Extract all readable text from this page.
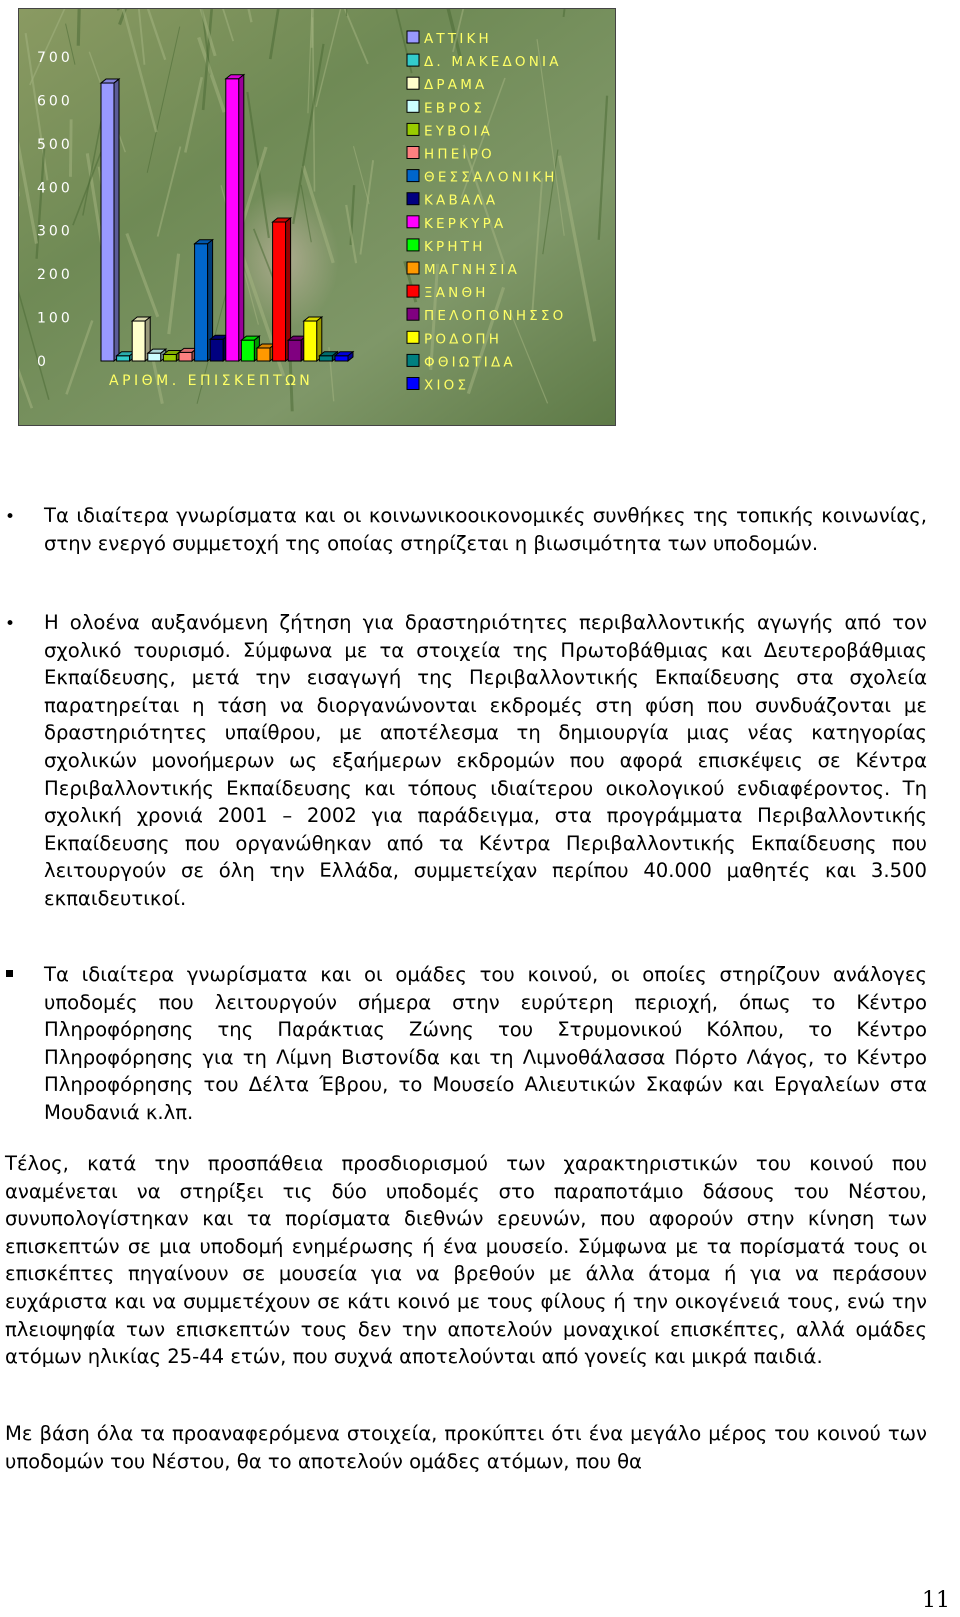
0
100
200
300
400
500
600
700
ΑΡΙΘΜ. ΕΠΙΣΚΕΠΤΩΝ
ΑΤΤΙΚΗ
Δ. ΜΑΚΕΔΟΝΙΑ
ΔΡΑΜΑ
ΕΒΡΟΣ
ΕΥΒΟΙΑ
ΗΠΕΙΡΟ
ΘΕΣΣΑΛΟΝΙΚΗ
ΚΑΒΑΛΑ
ΚΕΡΚΥΡΑ
ΚΡΗΤΗ
ΜΑΓΝΗΣΙΑ
ΞΑΝΘΗ
ΠΕΛΟΠΟΝΗΣΣΟ
ΡΟΔΟΠΗ
ΦΘΙΩΤΙΔΑ
ΧΙΟΣ
• Τα ιδιαίτερα γνωρίσματα και οι κοινωνικοοικονομικές συνθήκες της τοπικής κοινωνίας, στην ενεργό συμμετοχή της οποίας στηρίζεται η βιωσιμότητα των υποδομών.

• Η ολοένα αυξανόμενη ζήτηση για δραστηριότητες περιβαλλοντικής αγωγής από τον σχολικό τουρισμό. Σύμφωνα με τα στοιχεία της Πρωτοβάθμιας και Δευτεροβάθμιας Εκπαίδευσης, μετά την εισαγωγή της Περιβαλλοντικής Εκπαίδευσης στα σχολεία παρατηρείται η τάση να διοργανώνονται εκδρομές στη φύση που συνδυάζονται με δραστηριότητες υπαίθρου, με αποτέλεσμα τη δημιουργία μιας νέας κατηγορίας σχολικών μονοήμερων ως εξαήμερων εκδρομών που αφορά επισκέψεις σε Κέντρα Περιβαλλοντικής Εκπαίδευσης και τόπους ιδιαίτερου οικολογικού ενδιαφέροντος. Τη σχολική χρονιά 2001 – 2002 για παράδειγμα, στα προγράμματα Περιβαλλοντικής Εκπαίδευσης που οργανώθηκαν από τα Κέντρα Περιβαλλοντικής Εκπαίδευσης που λειτουργούν σε όλη την Ελλάδα, συμμετείχαν περίπου 40.000 μαθητές και 3.500 εκπαιδευτικοί.

Τα ιδιαίτερα γνωρίσματα και οι ομάδες του κοινού, οι οποίες στηρίζουν ανάλογες υποδομές που λειτουργούν σήμερα στην ευρύτερη περιοχή, όπως το Κέντρο Πληροφόρησης της Παράκτιας Ζώνης του Στρυμονικού Κόλπου, το Κέντρο Πληροφόρησης για τη Λίμνη Βιστονίδα και τη Λιμνοθάλασσα Πόρτο Λάγος, το Κέντρο Πληροφόρησης του Δέλτα Έβρου, το Μουσείο Αλιευτικών Σκαφών και Εργαλείων στα Μουδανιά κ.λπ.

Τέλος, κατά την προσπάθεια προσδιορισμού των χαρακτηριστικών του κοινού που αναμένεται να στηρίξει τις δύο υποδομές στο παραποτάμιο δάσους του Νέστου, συνυπολογίστηκαν και τα πορίσματα διεθνών ερευνών, που αφορούν στην κίνηση των επισκεπτών σε μια υποδομή ενημέρωσης ή ένα μουσείο. Σύμφωνα με τα πορίσματά τους οι επισκέπτες πηγαίνουν σε μουσεία για να βρεθούν με άλλα άτομα ή για να περάσουν ευχάριστα και να συμμετέχουν σε κάτι κοινό με τους φίλους ή την οικογένειά τους, ενώ την πλειοψηφία των επισκεπτών τους δεν την αποτελούν μοναχικοί επισκέπτες, αλλά ομάδες ατόμων ηλικίας 25-44 ετών, που συχνά αποτελούνται από γονείς και μικρά παιδιά.

Με βάση όλα τα προαναφερόμενα στοιχεία, προκύπτει ότι ένα μεγάλο μέρος του κοινού των υποδομών του Νέστου, θα το αποτελούν ομάδες ατόμων, που θα

11
